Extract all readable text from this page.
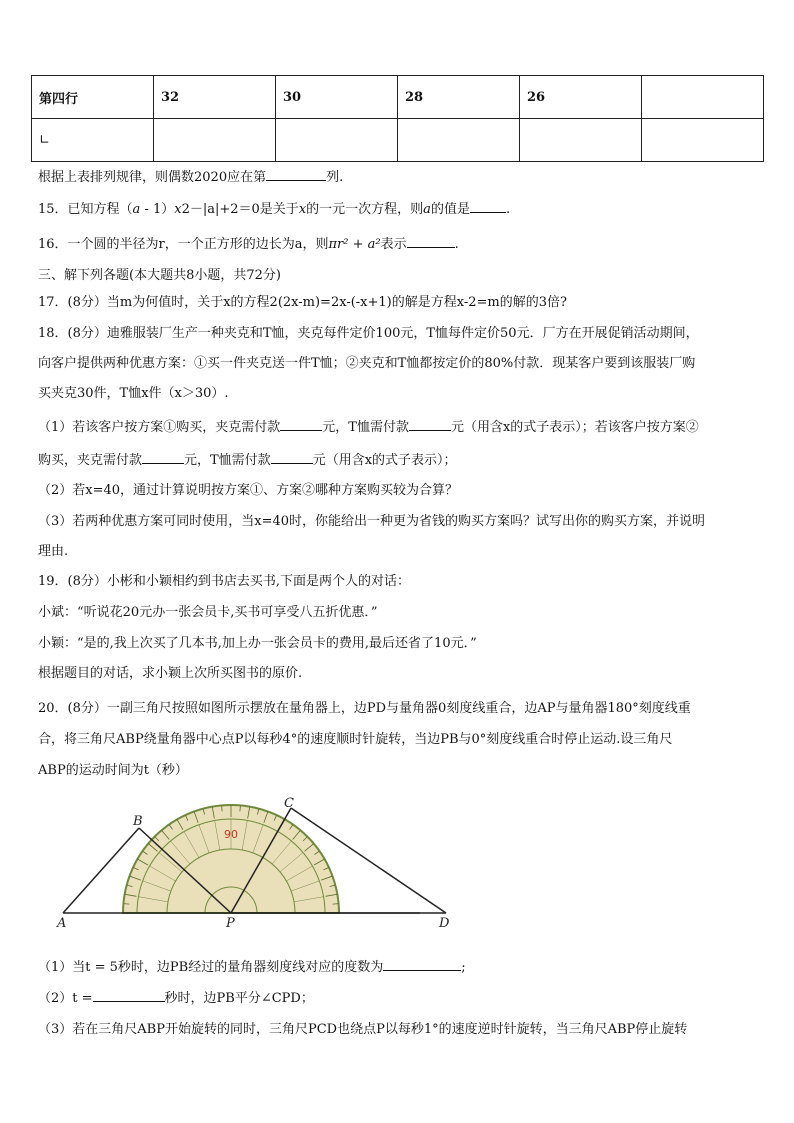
第四行	32	30	28	26	
∟					
根据上表排列规律，则偶数2020应在第	列.
15．已知方程（a - 1）x2－|a|+2＝0是关于x的一元一次方程，则a的值是	.
16．一个圆的半径为r，一个正方形的边长为a，则πr² + a²表示	.
三、解下列各题(本大题共8小题，共72分)
17．(8分）当m为何值时，关于x的方程2(2x-m)=2x-(-x+1)的解是方程x-2=m的解的3倍?
18．(8分）迪雅服装厂生产一种夹克和T恤，夹克每件定价100元，T恤每件定价50元．厂方在开展促销活动期间，
向客户提供两种优惠方案：①买一件夹克送一件T恤；②夹克和T恤都按定价的80%付款．现某客户要到该服装厂购
买夹克30件，T恤x件（x＞30）.
（1）若该客户按方案①购买，夹克需付款	元，T恤需付款	元（用含x的式子表示）；若该客户按方案②
购买，夹克需付款	元，T恤需付款	元（用含x的式子表示）；
（2）若x=40，通过计算说明按方案①、方案②哪种方案购买较为合算？
（3）若两种优惠方案可同时使用，当x=40时，你能给出一种更为省钱的购买方案吗？试写出你的购买方案，并说明
理由.
19．(8分）小彬和小颖相约到书店去买书,下面是两个人的对话：
小斌：“听说花20元办一张会员卡,买书可享受八五折优惠．”
小颖：“是的,我上次买了几本书,加上办一张会员卡的费用,最后还省了10元．”
根据题目的对话，求小颖上次所买图书的原价.
20．(8分）一副三角尺按照如图所示摆放在量角器上，边PD与量角器0刻度线重合，边AP与量角器180°刻度线重
合，将三角尺ABP绕量角器中心点P以每秒4°的速度顺时针旋转，当边PB与0°刻度线重合时停止运动.设三角尺
ABP的运动时间为t（秒）
90
A
B
C
D
P
（1）当t = 5秒时，边PB经过的量角器刻度线对应的度数为	;
（2）t =	秒时，边PB平分∠CPD；
（3）若在三角尺ABP开始旋转的同时，三角尺PCD也绕点P以每秒1°的速度逆时针旋转，当三角尺ABP停止旋转
